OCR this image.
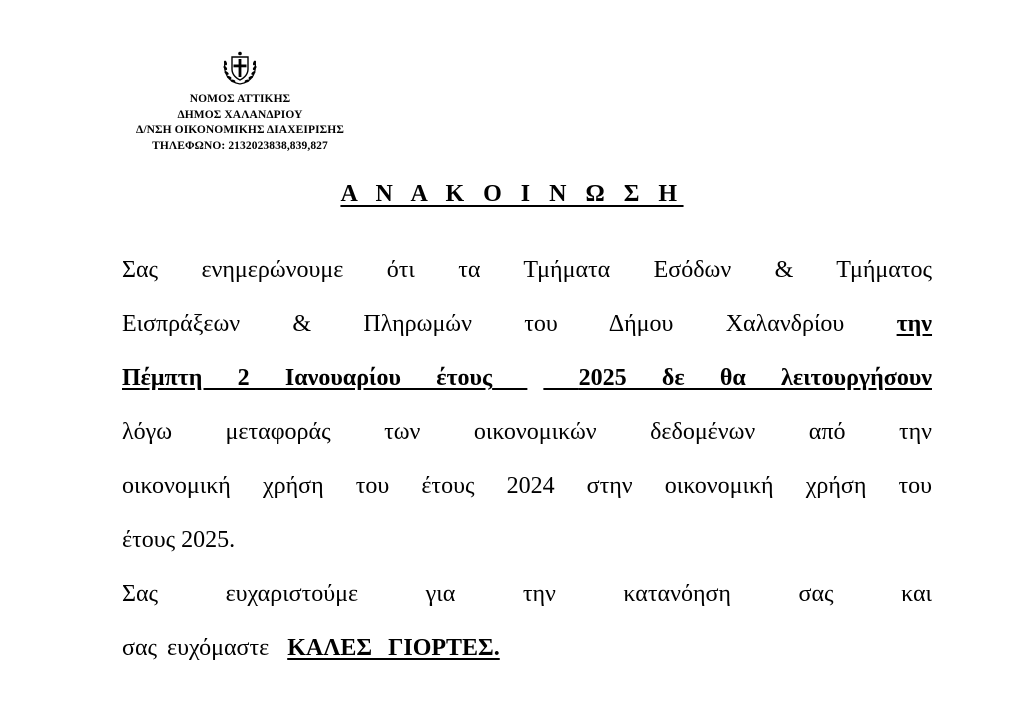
ΝΟΜΟΣ ΑΤΤΙΚΗΣ
ΔΗΜΟΣ ΧΑΛΑΝΔΡΙΟΥ
Δ/ΝΣΗ ΟΙΚΟΝΟΜΙΚΗΣ ΔΙΑΧΕΙΡΙΣΗΣ
ΤΗΛΕΦΩΝΟ: 2132023838,839,827
Α Ν Α Κ Ο Ι Ν Ω Σ Η
Σας ενημερώνουμε ότι τα Τμήματα Εσόδων & Τμήματος
Εισπράξεων & Πληρωμών του Δήμου Χαλανδρίου την
Πέμπτη 2 Ιανουαρίου έτους	2025 δε θα λειτουργήσουν
λόγω μεταφοράς των οικονομικών δεδομένων από την
οικονομική χρήση του έτους 2024 στην οικονομική χρήση του
έτους 2025.
Σας ευχαριστούμε για την κατανόηση σας και
σας ευχόμαστε ΚΑΛΕΣ ΓΙΟΡΤΕΣ.
